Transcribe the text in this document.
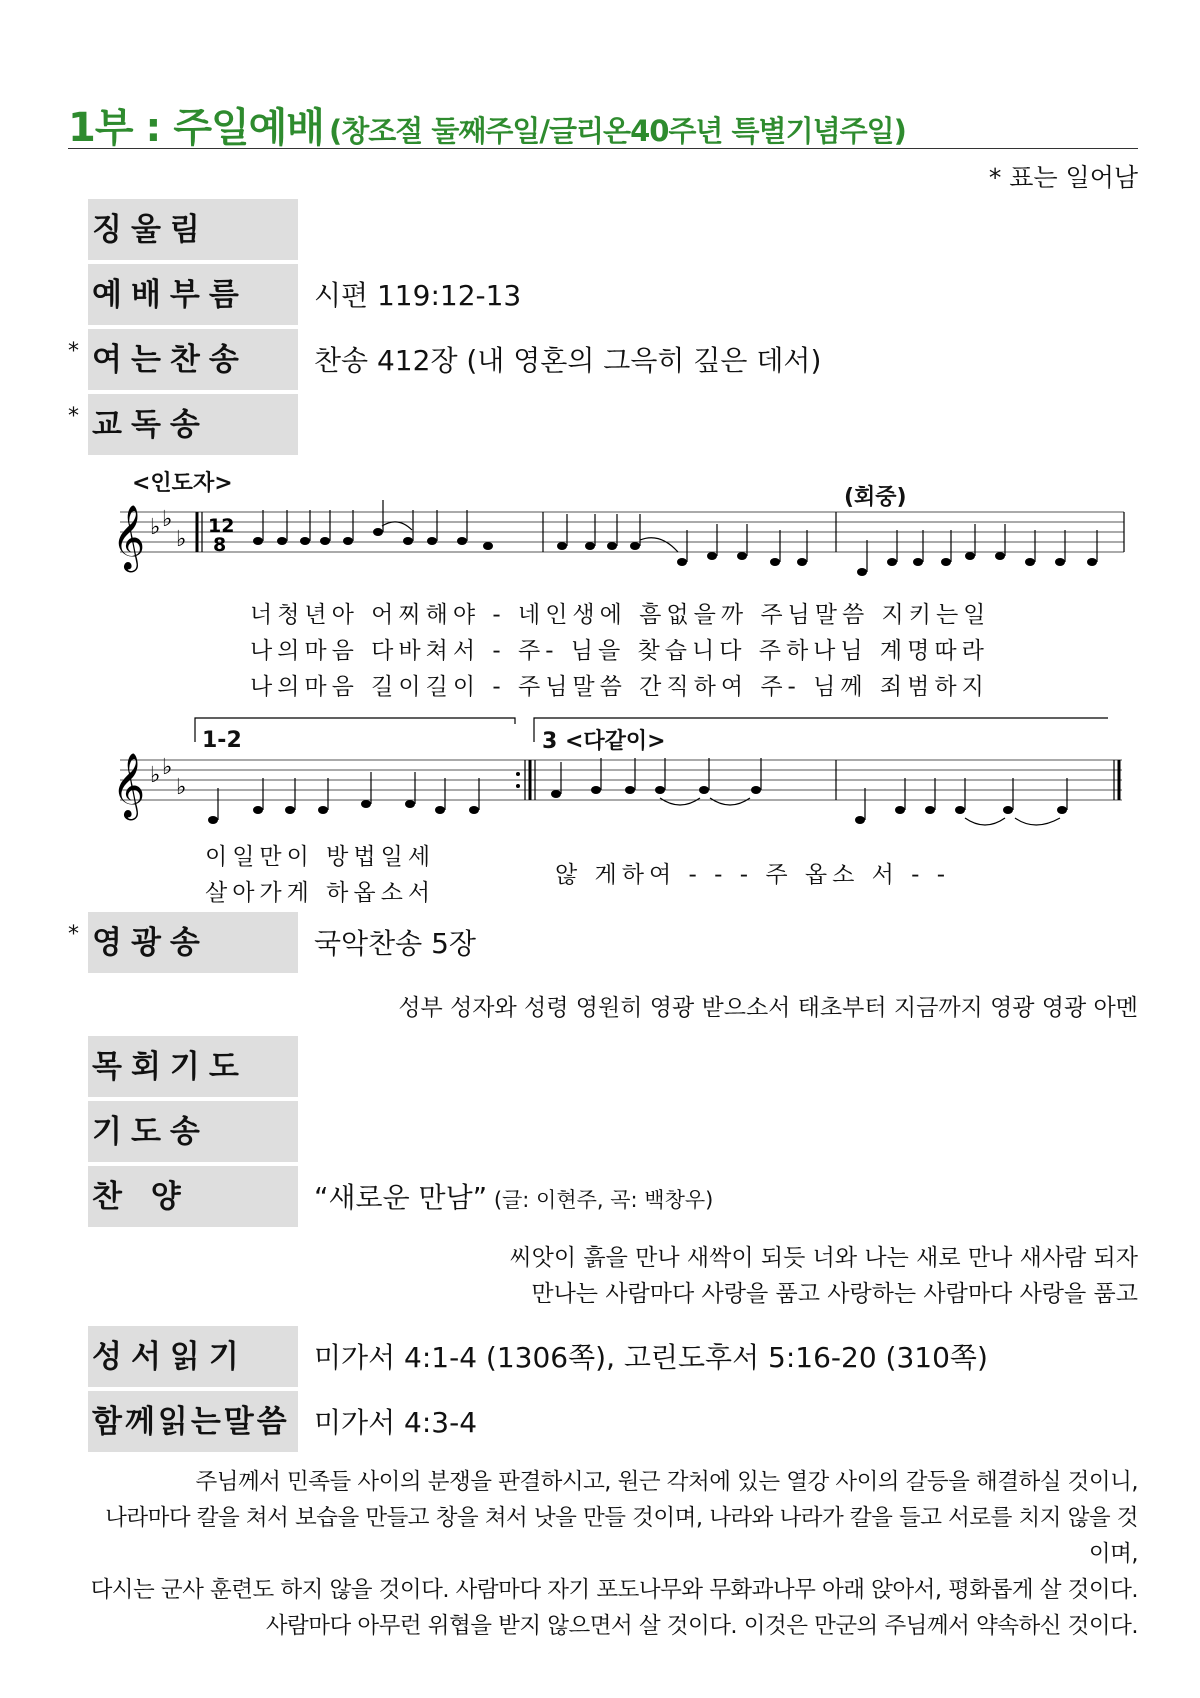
1부 : 주일예배 (창조절 둘째주일/글리온40주년 특별기념주일)
* 표는 일어남
징울림
예배부름	시편 119:12-13
* 여는찬송	찬송 412장 (내 영혼의 그윽히 깊은 데서)
* 교독송
<인도자>
(회중)
𝄞 ♭ ♭
♭
12
8
너청년아 어찌해야 - 네인생에 흠없을까 주님말씀 지키는일
나의마음 다바쳐서 - 주- 님을 찾습니다 주하나님 계명따라
나의마음 길이길이 - 주님말씀 간직하여 주- 님께 죄범하지
1-2	3 <다같이>
𝄞 ♭ ♭
♭
이일만이 방법일세
살아가게 하옵소서
않 게하여 - - - 주 옵소 서 - -
* 영광송	국악찬송 5장
성부 성자와 성령 영원히 영광 받으소서 태초부터 지금까지 영광 영광 아멘
목회기도
기도송
찬 양	“새로운 만남” (글: 이현주, 곡: 백창우)
씨앗이 흙을 만나 새싹이 되듯 너와 나는 새로 만나 새사람 되자
만나는 사람마다 사랑을 품고 사랑하는 사람마다 사랑을 품고
성서읽기	미가서 4:1-4 (1306쪽), 고린도후서 5:16-20 (310쪽)
함께읽는말씀 미가서 4:3-4
주님께서 민족들 사이의 분쟁을 판결하시고, 원근 각처에 있는 열강 사이의 갈등을 해결하실 것이니,
나라마다 칼을 쳐서 보습을 만들고 창을 쳐서 낫을 만들 것이며, 나라와 나라가 칼을 들고 서로를 치지 않을 것이며,
다시는 군사 훈련도 하지 않을 것이다. 사람마다 자기 포도나무와 무화과나무 아래 앉아서, 평화롭게 살 것이다.
사람마다 아무런 위협을 받지 않으면서 살 것이다. 이것은 만군의 주님께서 약속하신 것이다.
